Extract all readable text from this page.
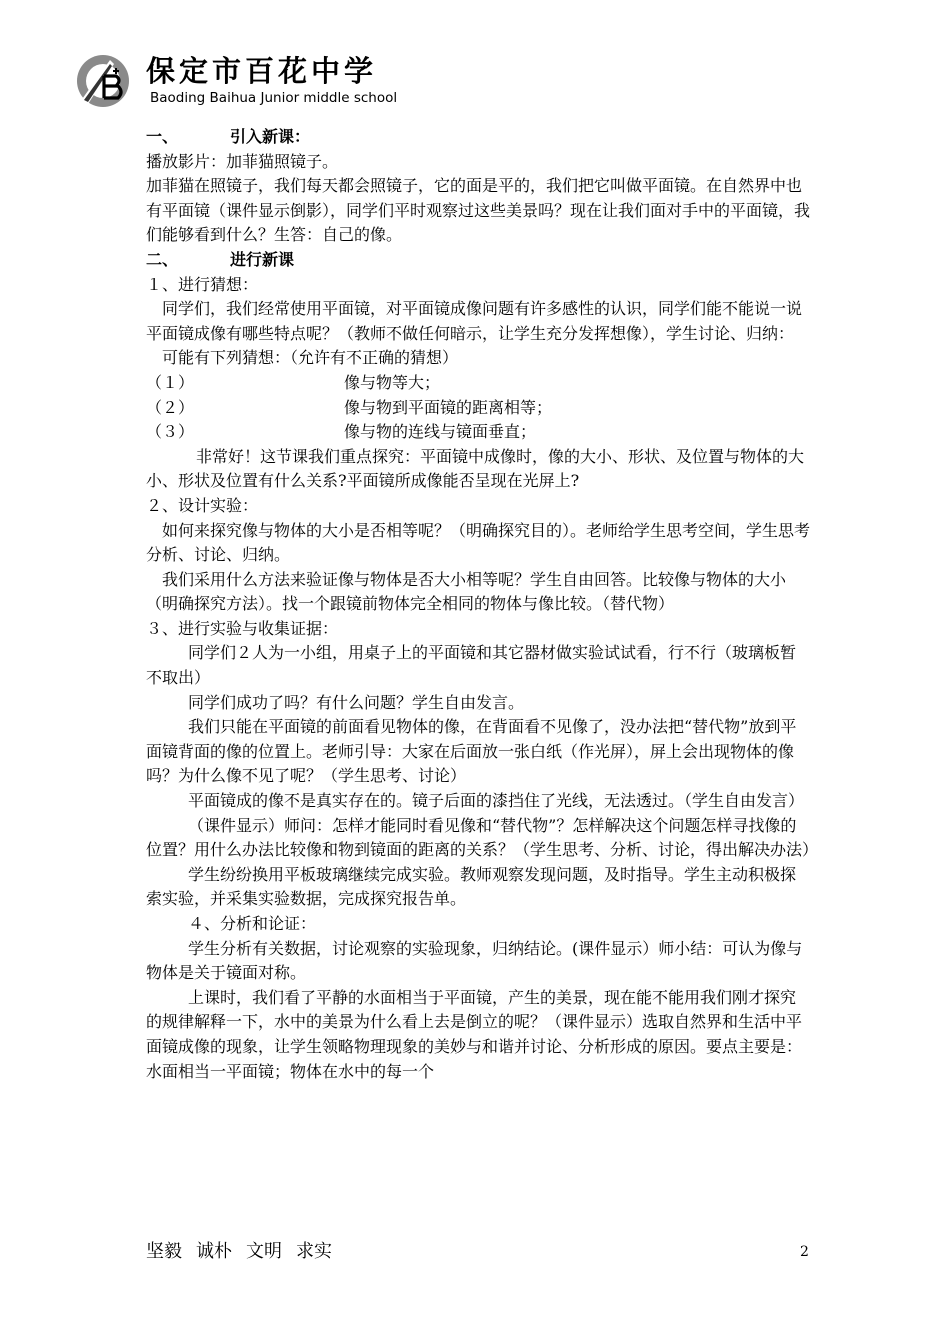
保定市百花中学
Baoding Baihua Junior middle school

一、	引入新课：

播放影片：加菲猫照镜子。

加菲猫在照镜子，我们每天都会照镜子，它的面是平的，我们把它叫做平面镜。在自然界中也有平面镜（课件显示倒影），同学们平时观察过这些美景吗？现在让我们面对手中的平面镜，我们能够看到什么？生答：自己的像。

二、	进行新课

１、进行猜想：

同学们，我们经常使用平面镜，对平面镜成像问题有许多感性的认识，同学们能不能说一说平面镜成像有哪些特点呢？（教师不做任何暗示，让学生充分发挥想像），学生讨论、归纳：

可能有下列猜想：（允许有不正确的猜想）

（１）	像与物等大；
（２）	像与物到平面镜的距离相等；
（３）	像与物的连线与镜面垂直；

非常好！这节课我们重点探究：平面镜中成像时，像的大小、形状、及位置与物体的大小、形状及位置有什么关系?平面镜所成像能否呈现在光屏上?

２、设计实验：

如何来探究像与物体的大小是否相等呢？（明确探究目的）。老师给学生思考空间，学生思考分析、讨论、归纳。

我们采用什么方法来验证像与物体是否大小相等呢？学生自由回答。比较像与物体的大小（明确探究方法）。找一个跟镜前物体完全相同的物体与像比较。（替代物）

３、进行实验与收集证据：

同学们２人为一小组，用桌子上的平面镜和其它器材做实验试试看，行不行（玻璃板暂不取出）

同学们成功了吗？有什么问题？学生自由发言。

我们只能在平面镜的前面看见物体的像，在背面看不见像了，没办法把“替代物”放到平面镜背面的像的位置上。老师引导：大家在后面放一张白纸（作光屏），屏上会出现物体的像吗？为什么像不见了呢？（学生思考、讨论）

平面镜成的像不是真实存在的。镜子后面的漆挡住了光线，无法透过。（学生自由发言）

（课件显示）师问：怎样才能同时看见像和“替代物”？怎样解决这个问题怎样寻找像的位置？用什么办法比较像和物到镜面的距离的关系？（学生思考、分析、讨论，得出解决办法）

学生纷纷换用平板玻璃继续完成实验。教师观察发现问题，及时指导。学生主动积极探索实验，并采集实验数据，完成探究报告单。

４、分析和论证：

学生分析有关数据，讨论观察的实验现象，归纳结论。(课件显示）师小结：可认为像与物体是关于镜面对称。

上课时，我们看了平静的水面相当于平面镜，产生的美景，现在能不能用我们刚才探究的规律解释一下，水中的美景为什么看上去是倒立的呢？（课件显示）选取自然界和生活中平面镜成像的现象，让学生领略物理现象的美妙与和谐并讨论、分析形成的原因。要点主要是：水面相当一平面镜；物体在水中的每一个

坚毅 诚朴 文明 求实	2
